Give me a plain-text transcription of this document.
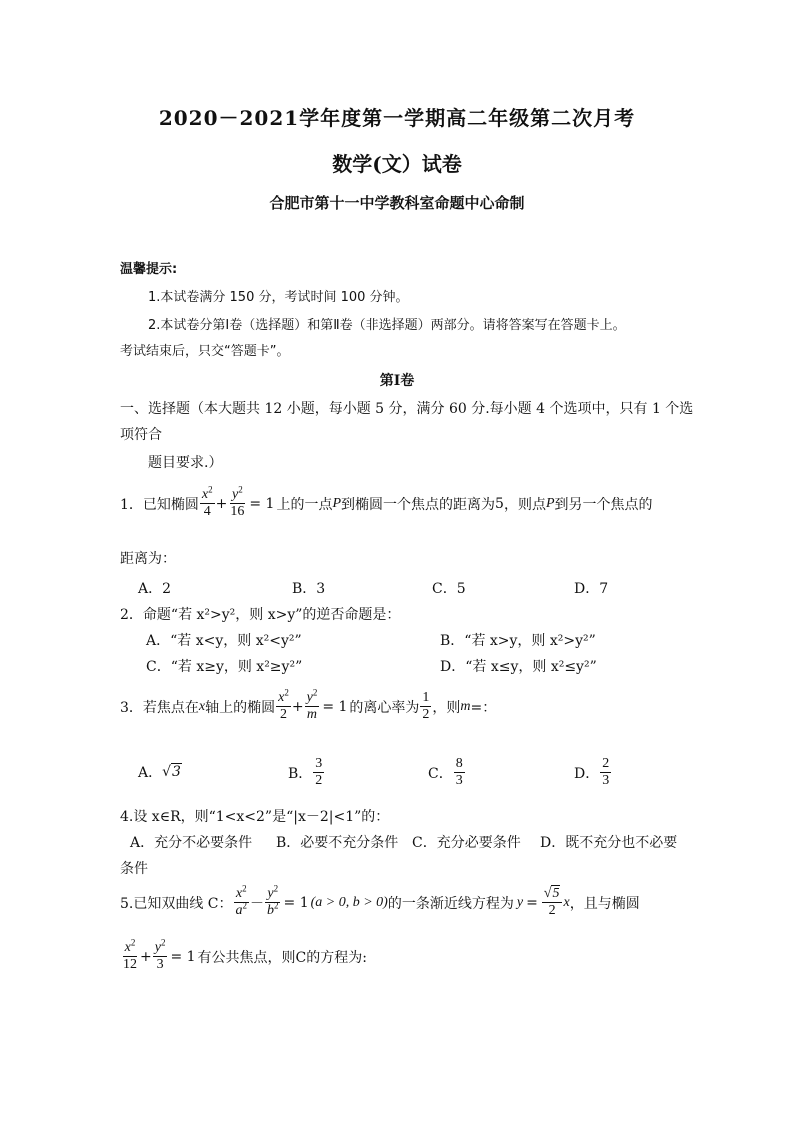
2020－2021学年度第一学期高二年级第二次月考
数学(文）试卷
合肥市第十一中学教科室命题中心命制
温馨提示:
1.本试卷满分 150 分，考试时间 100 分钟。
2.本试卷分第Ⅰ卷（选择题）和第Ⅱ卷（非选择题）两部分。请将答案写在答题卡上。
考试结束后，只交“答题卡”。
第Ⅰ卷
一、选择题（本大题共 12 小题，每小题 5 分，满分 60 分.每小题 4 个选项中，只有 1 个选
项符合
题目要求.）
1．已知椭圆 $\frac{x^2}{4} + \frac{y^2}{16} = 1$ 上的一点 P 到椭圆一个焦点的距离为 5 ，则点 P 到另一个焦点的
距离为：
A．2	B．3	C．5	D．7
2．命题“若 x²>y²，则 x>y”的逆否命题是：
A．“若 x<y，则 x²<y²”	B．“若 x>y，则 x²>y²”
C．“若 x≥y，则 x²≥y²”	D．“若 x≤y，则 x²≤y²”
3．若焦点在 x 轴上的椭圆 $\frac{x^2}{2} + \frac{y^2}{m} = 1$ 的离心率为 $\frac{1}{2}$ ，则 m =：
A． √3	B． $\frac{3}{2}$	C． $\frac{8}{3}$	D． $\frac{2}{3}$
4.设 x∈R，则“1<x<2”是“|x－2|<1”的：
A．充分不必要条件 B．必要不充分条件 C．充分必要条件 D．既不充分也不必要
条件
5.已知双曲线 C： $\frac{x^2}{a^2} - \frac{y^2}{b^2} = 1$ (a > 0, b > 0) 的一条渐近线方程为 $y = \frac{√5}{2}$ x ，且与椭圆
$\frac{x^2}{12} + \frac{y^2}{3} = 1$ 有公共焦点，则C的方程为:
